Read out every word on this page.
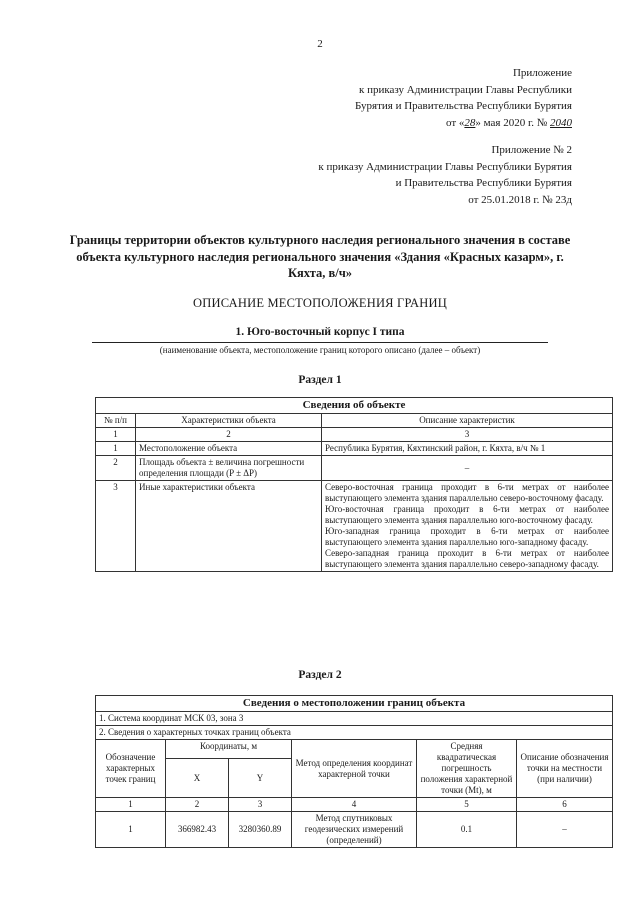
2
Приложение
к приказу Администрации Главы Республики
Бурятия и Правительства Республики Бурятия
от «28» мая 2020 г. № 2040
Приложение № 2
к приказу Администрации Главы Республики Бурятия
и Правительства Республики Бурятия
от 25.01.2018 г. № 23д
Границы территории объектов культурного наследия регионального значения в составе объекта культурного наследия регионального значения «Здания «Красных казарм», г. Кяхта, в/ч»
ОПИСАНИЕ МЕСТОПОЛОЖЕНИЯ ГРАНИЦ
1. Юго-восточный корпус I типа
(наименование объекта, местоположение границ которого описано (далее – объект)
Раздел 1
Сведения об объекте		
№ п/п	Характеристики объекта	Описание характеристик
1	2	3
1	Местоположение объекта	Республика Бурятия, Кяхтинский район, г. Кяхта, в/ч № 1
2	Площадь объекта ± величина погрешности определения площади (P ± ΔP)	–
3	Иные характеристики объекта	Северо-восточная граница проходит в 6-ти метрах от наиболее выступающего элемента здания параллельно северо-восточному фасаду.
Юго-восточная граница проходит в 6-ти метрах от наиболее выступающего элемента здания параллельно юго-восточному фасаду.
Юго-западная граница проходит в 6-ти метрах от наиболее выступающего элемента здания параллельно юго-западному фасаду.
Северо-западная граница проходит в 6-ти метрах от наиболее выступающего элемента здания параллельно северо-западному фасаду.
Раздел 2
Сведения о местоположении границ объекта					
1. Система координат МСК 03, зона 3					
2. Сведения о характерных точках границ объекта					
Обозначение характерных точек границ	Координаты, м		Метод определения координат характерной точки	Средняя квадратическая погрешность положения характерной точки (Mt), м	Описание обозначения точки на местности (при наличии)
	X	Y			
1	2	3	4	5	6
1	366982.43	3280360.89	Метод спутниковых геодезических измерений (определений)	0.1	–
